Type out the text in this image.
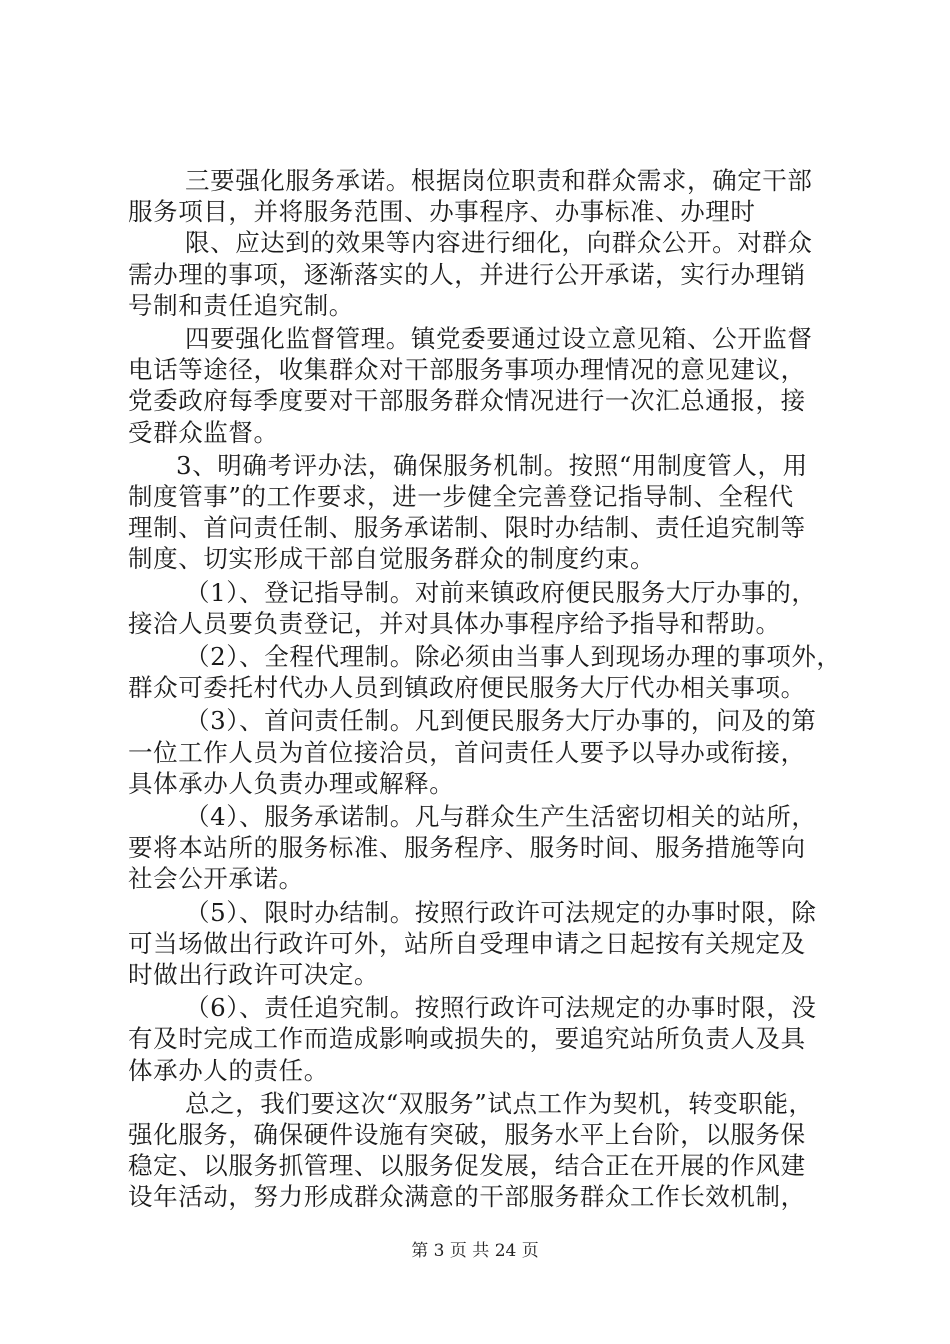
三要强化服务承诺。根据岗位职责和群众需求，确定干部
服务项目，并将服务范围、办事程序、办事标准、办理时
限、应达到的效果等内容进行细化，向群众公开。对群众
需办理的事项，逐渐落实的人，并进行公开承诺，实行办理销
号制和责任追究制。
四要强化监督管理。镇党委要通过设立意见箱、公开监督
电话等途径，收集群众对干部服务事项办理情况的意见建议，
党委政府每季度要对干部服务群众情况进行一次汇总通报，接
受群众监督。
3、明确考评办法，确保服务机制。按照“用制度管人，用
制度管事”的工作要求，进一步健全完善登记指导制、全程代
理制、首问责任制、服务承诺制、限时办结制、责任追究制等
制度、切实形成干部自觉服务群众的制度约束。
（1）、登记指导制。对前来镇政府便民服务大厅办事的，
接洽人员要负责登记，并对具体办事程序给予指导和帮助。
（2）、全程代理制。除必须由当事人到现场办理的事项外，
群众可委托村代办人员到镇政府便民服务大厅代办相关事项。
（3）、首问责任制。凡到便民服务大厅办事的，问及的第
一位工作人员为首位接洽员，首问责任人要予以导办或衔接，
具体承办人负责办理或解释。
（4）、服务承诺制。凡与群众生产生活密切相关的站所，
要将本站所的服务标准、服务程序、服务时间、服务措施等向
社会公开承诺。
（5）、限时办结制。按照行政许可法规定的办事时限，除
可当场做出行政许可外，站所自受理申请之日起按有关规定及
时做出行政许可决定。
（6）、责任追究制。按照行政许可法规定的办事时限，没
有及时完成工作而造成影响或损失的，要追究站所负责人及具
体承办人的责任。
总之，我们要这次“双服务”试点工作为契机，转变职能，
强化服务，确保硬件设施有突破，服务水平上台阶，以服务保
稳定、以服务抓管理、以服务促发展，结合正在开展的作风建
设年活动，努力形成群众满意的干部服务群众工作长效机制，
第 3 页 共 24 页
